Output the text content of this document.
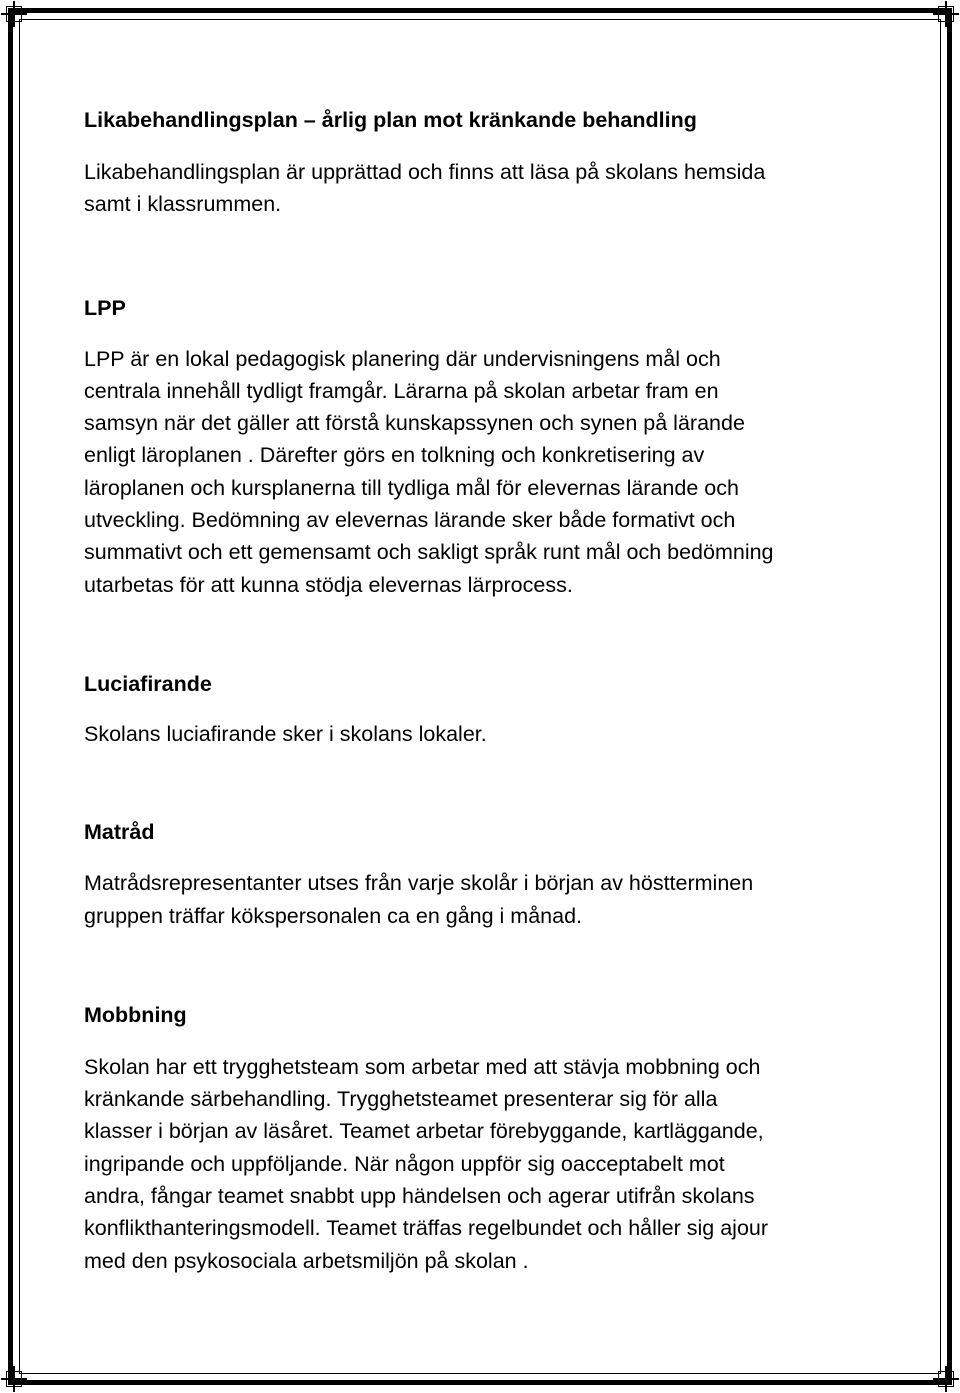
Likabehandlingsplan – årlig plan mot kränkande behandling

Likabehandlingsplan är upprättad och finns att läsa på skolans hemsida
samt i klassrummen.

LPP

LPP är en lokal pedagogisk planering där undervisningens mål och
centrala innehåll tydligt framgår. Lärarna på skolan arbetar fram en
samsyn när det gäller att förstå kunskapssynen och synen på lärande
enligt läroplanen . Därefter görs en tolkning och konkretisering av
läroplanen och kursplanerna till tydliga mål för elevernas lärande och
utveckling. Bedömning av elevernas lärande sker både formativt och
summativt och ett gemensamt och sakligt språk runt mål och bedömning
utarbetas för att kunna stödja elevernas lärprocess.

Luciafirande

Skolans luciafirande sker i skolans lokaler.

Matråd

Matrådsrepresentanter utses från varje skolår i början av höstterminen
gruppen träffar kökspersonalen ca en gång i månad.

Mobbning

Skolan har ett trygghetsteam som arbetar med att stävja mobbning och
kränkande särbehandling. Trygghetsteamet presenterar sig för alla
klasser i början av läsåret. Teamet arbetar förebyggande, kartläggande,
ingripande och uppföljande. När någon uppför sig oacceptabelt mot
andra, fångar teamet snabbt upp händelsen och agerar utifrån skolans
konflikthanteringsmodell. Teamet träffas regelbundet och håller sig ajour
med den psykosociala arbetsmiljön på skolan .
